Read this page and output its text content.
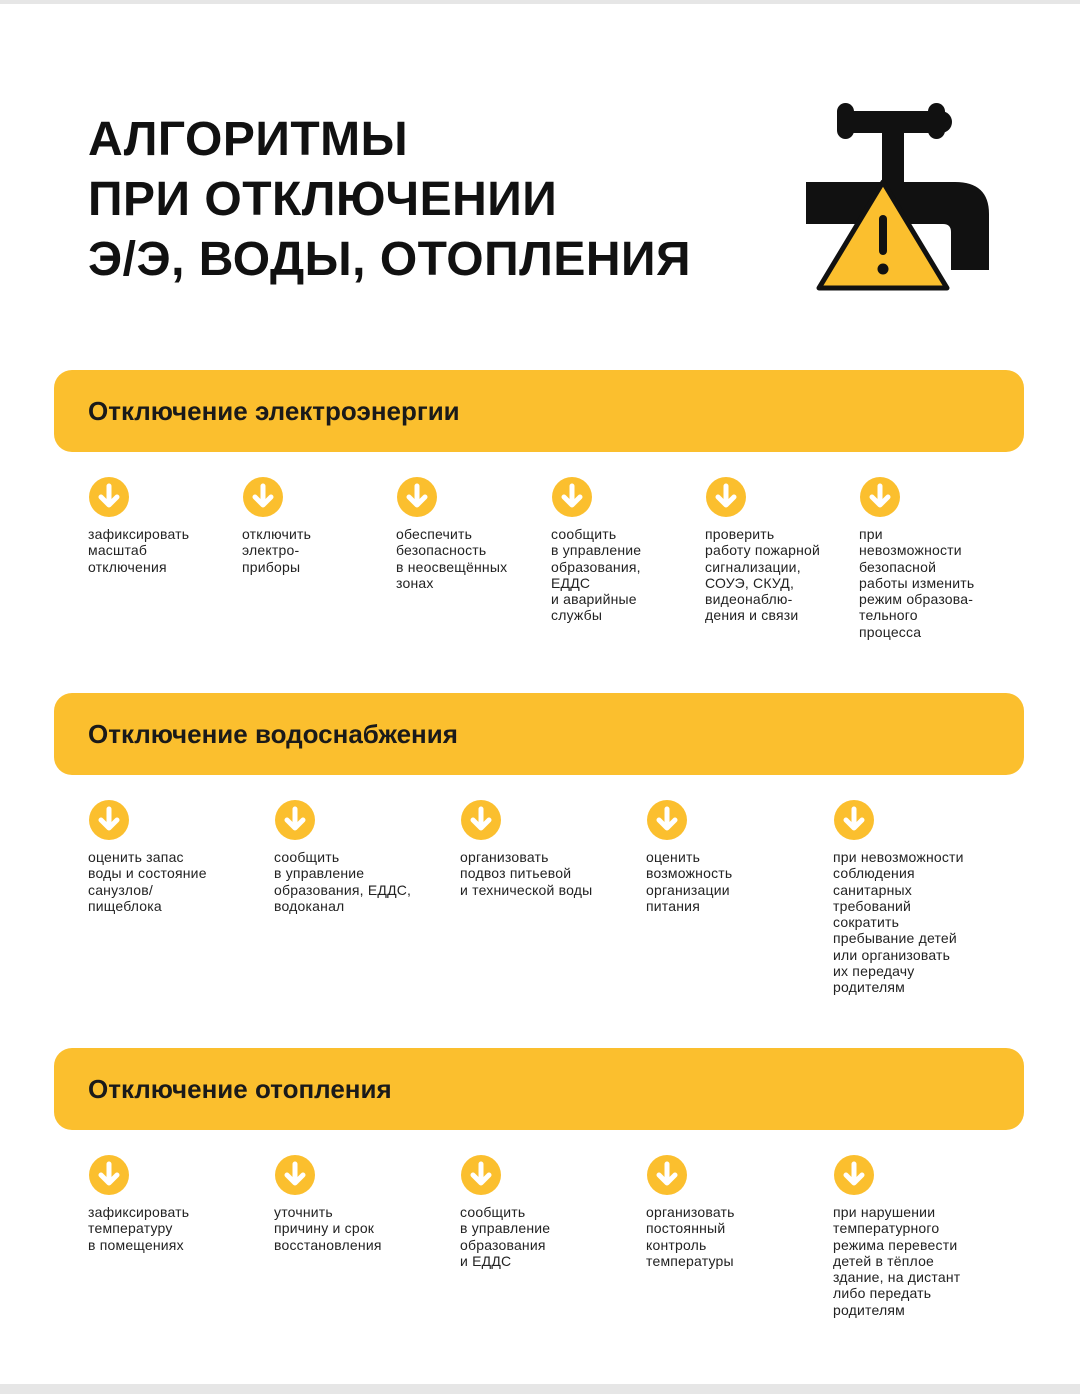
АЛГОРИТМЫ
ПРИ ОТКЛЮЧЕНИИ
Э/Э, ВОДЫ, ОТОПЛЕНИЯ
Отключение электроэнергии
зафиксировать
масштаб
отключения
отключить
электро-
приборы
обеспечить
безопасность
в неосвещённых
зонах
сообщить
в управление
образования,
ЕДДС
и аварийные
службы
проверить
работу пожарной
сигнализации,
СОУЭ, СКУД,
видеонаблю-
дения и связи
при
невозможности
безопасной
работы изменить
режим образова-
тельного
процесса
Отключение водоснабжения
оценить запас
воды и состояние
санузлов/
пищеблока
сообщить
в управление
образования, ЕДДС,
водоканал
организовать
подвоз питьевой
и технической воды
оценить
возможность
организации
питания
при невозможности
соблюдения
санитарных
требований
сократить
пребывание детей
или организовать
их передачу
родителям
Отключение отопления
зафиксировать
температуру
в помещениях
уточнить
причину и срок
восстановления
сообщить
в управление
образования
и ЕДДС
организовать
постоянный
контроль
температуры
при нарушении
температурного
режима перевести
детей в тёплое
здание, на дистант
либо передать
родителям
